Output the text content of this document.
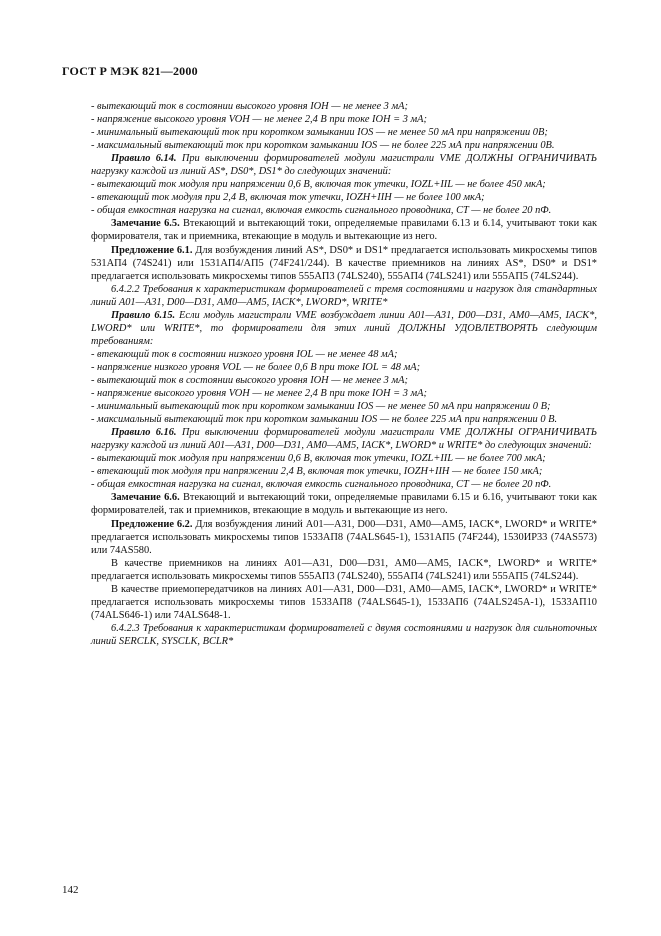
ГОСТ Р МЭК 821—2000

- вытекающий ток в состоянии высокого уровня IOH — не менее 3 мА;

- напряжение высокого уровня VOH — не менее 2,4 В при токе IOH = 3 мА;

- минимальный вытекающий ток при коротком замыкании IOS — не менее 50 мА при напряжении 0В;

- максимальный вытекающий ток при коротком замыкании IOS — не более 225 мА при напряжении 0В.

Правило 6.14. При выключении формирователей модули магистрали VME ДОЛЖНЫ ОГРАНИЧИВАТЬ нагрузку каждой из линий AS*, DS0*, DS1* до следующих значений:

- вытекающий ток модуля при напряжении 0,6 В, включая ток утечки, IOZL+IIL — не более 450 мкА;

- втекающий ток модуля при 2,4 В, включая ток утечки, IOZH+IIH — не более 100 мкА;

- общая емкостная нагрузка на сигнал, включая емкость сигнального проводника, CT — не более 20 пФ.

Замечание 6.5. Втекающий и вытекающий токи, определяемые правилами 6.13 и 6.14, учитывают токи как формирователя, так и приемника, втекающие в модуль и вытекающие из него.

Предложение 6.1. Для возбуждения линий AS*, DS0* и DS1* предлагается использовать микросхемы типов 531АП4 (74S241) или 1531АП4/АП5 (74F241/244). В качестве приемников на линиях AS*, DS0* и DS1* предлагается использовать микросхемы типов 555АП3 (74LS240), 555АП4 (74LS241) или 555АП5 (74LS244).

6.4.2.2 Требования к характеристикам формирователей с тремя состояниями и нагрузок для стандартных линий А01—А31, D00—D31, АМ0—АМ5, IACK*, LWORD*, WRITE*

Правило 6.15. Если модуль магистрали VME возбуждает линии А01—А31, D00—D31, АМ0—АМ5, IACK*, LWORD* или WRITE*, то формирователи для этих линий ДОЛЖНЫ УДОВЛЕТВОРЯТЬ следующим требованиям:

- втекающий ток в состоянии низкого уровня IOL — не менее 48 мА;

- напряжение низкого уровня VOL — не более 0,6 В при токе IOL = 48 мА;

- вытекающий ток в состоянии высокого уровня IOH — не менее 3 мА;

- напряжение высокого уровня VOH — не менее 2,4 В при токе IOH = 3 мА;

- минимальный вытекающий ток при коротком замыкании IOS — не менее 50 мА при напряжении 0 В;

- максимальный вытекающий ток при коротком замыкании IOS — не более 225 мА при напряжении 0 В.

Правило 6.16. При выключении формирователей модули магистрали VME ДОЛЖНЫ ОГРАНИЧИВАТЬ нагрузку каждой из линий А01—А31, D00—D31, АМ0—АМ5, IACK*, LWORD* и WRITE* до следующих значений:

- вытекающий ток модуля при напряжении 0,6 В, включая ток утечки, IOZL+IIL — не более 700 мкА;

- втекающий ток модуля при напряжении 2,4 В, включая ток утечки, IOZH+IIH — не более 150 мкА;

- общая емкостная нагрузка на сигнал, включая емкость сигнального проводника, CT — не более 20 пФ.

Замечание 6.6. Втекающий и вытекающий токи, определяемые правилами 6.15 и 6.16, учитывают токи как формирователей, так и приемников, втекающие в модуль и вытекающие из него.

Предложение 6.2. Для возбуждения линий А01—А31, D00—D31, АМ0—АМ5, IACK*, LWORD* и WRITE* предлагается использовать микросхемы типов 1533АП8 (74ALS645-1), 1531АП5 (74F244), 1530ИР33 (74AS573) или 74AS580.

В качестве приемников на линиях А01—А31, D00—D31, АМ0—АМ5, IACK*, LWORD* и WRITE* предлагается использовать микросхемы типов 555АП3 (74LS240), 555АП4 (74LS241) или 555АП5 (74LS244).

В качестве приемопередатчиков на линиях А01—А31, D00—D31, АМ0—АМ5, IACK*, LWORD* и WRITE* предлагается использовать микросхемы типов 1533АП8 (74ALS645-1), 1533АП6 (74ALS245А-1), 1533АП10 (74ALS646-1) или 74ALS648-1.

6.4.2.3 Требования к характеристикам формирователей с двумя состояниями и нагрузок для сильноточных линий SERCLK, SYSCLK, BCLR*

142
